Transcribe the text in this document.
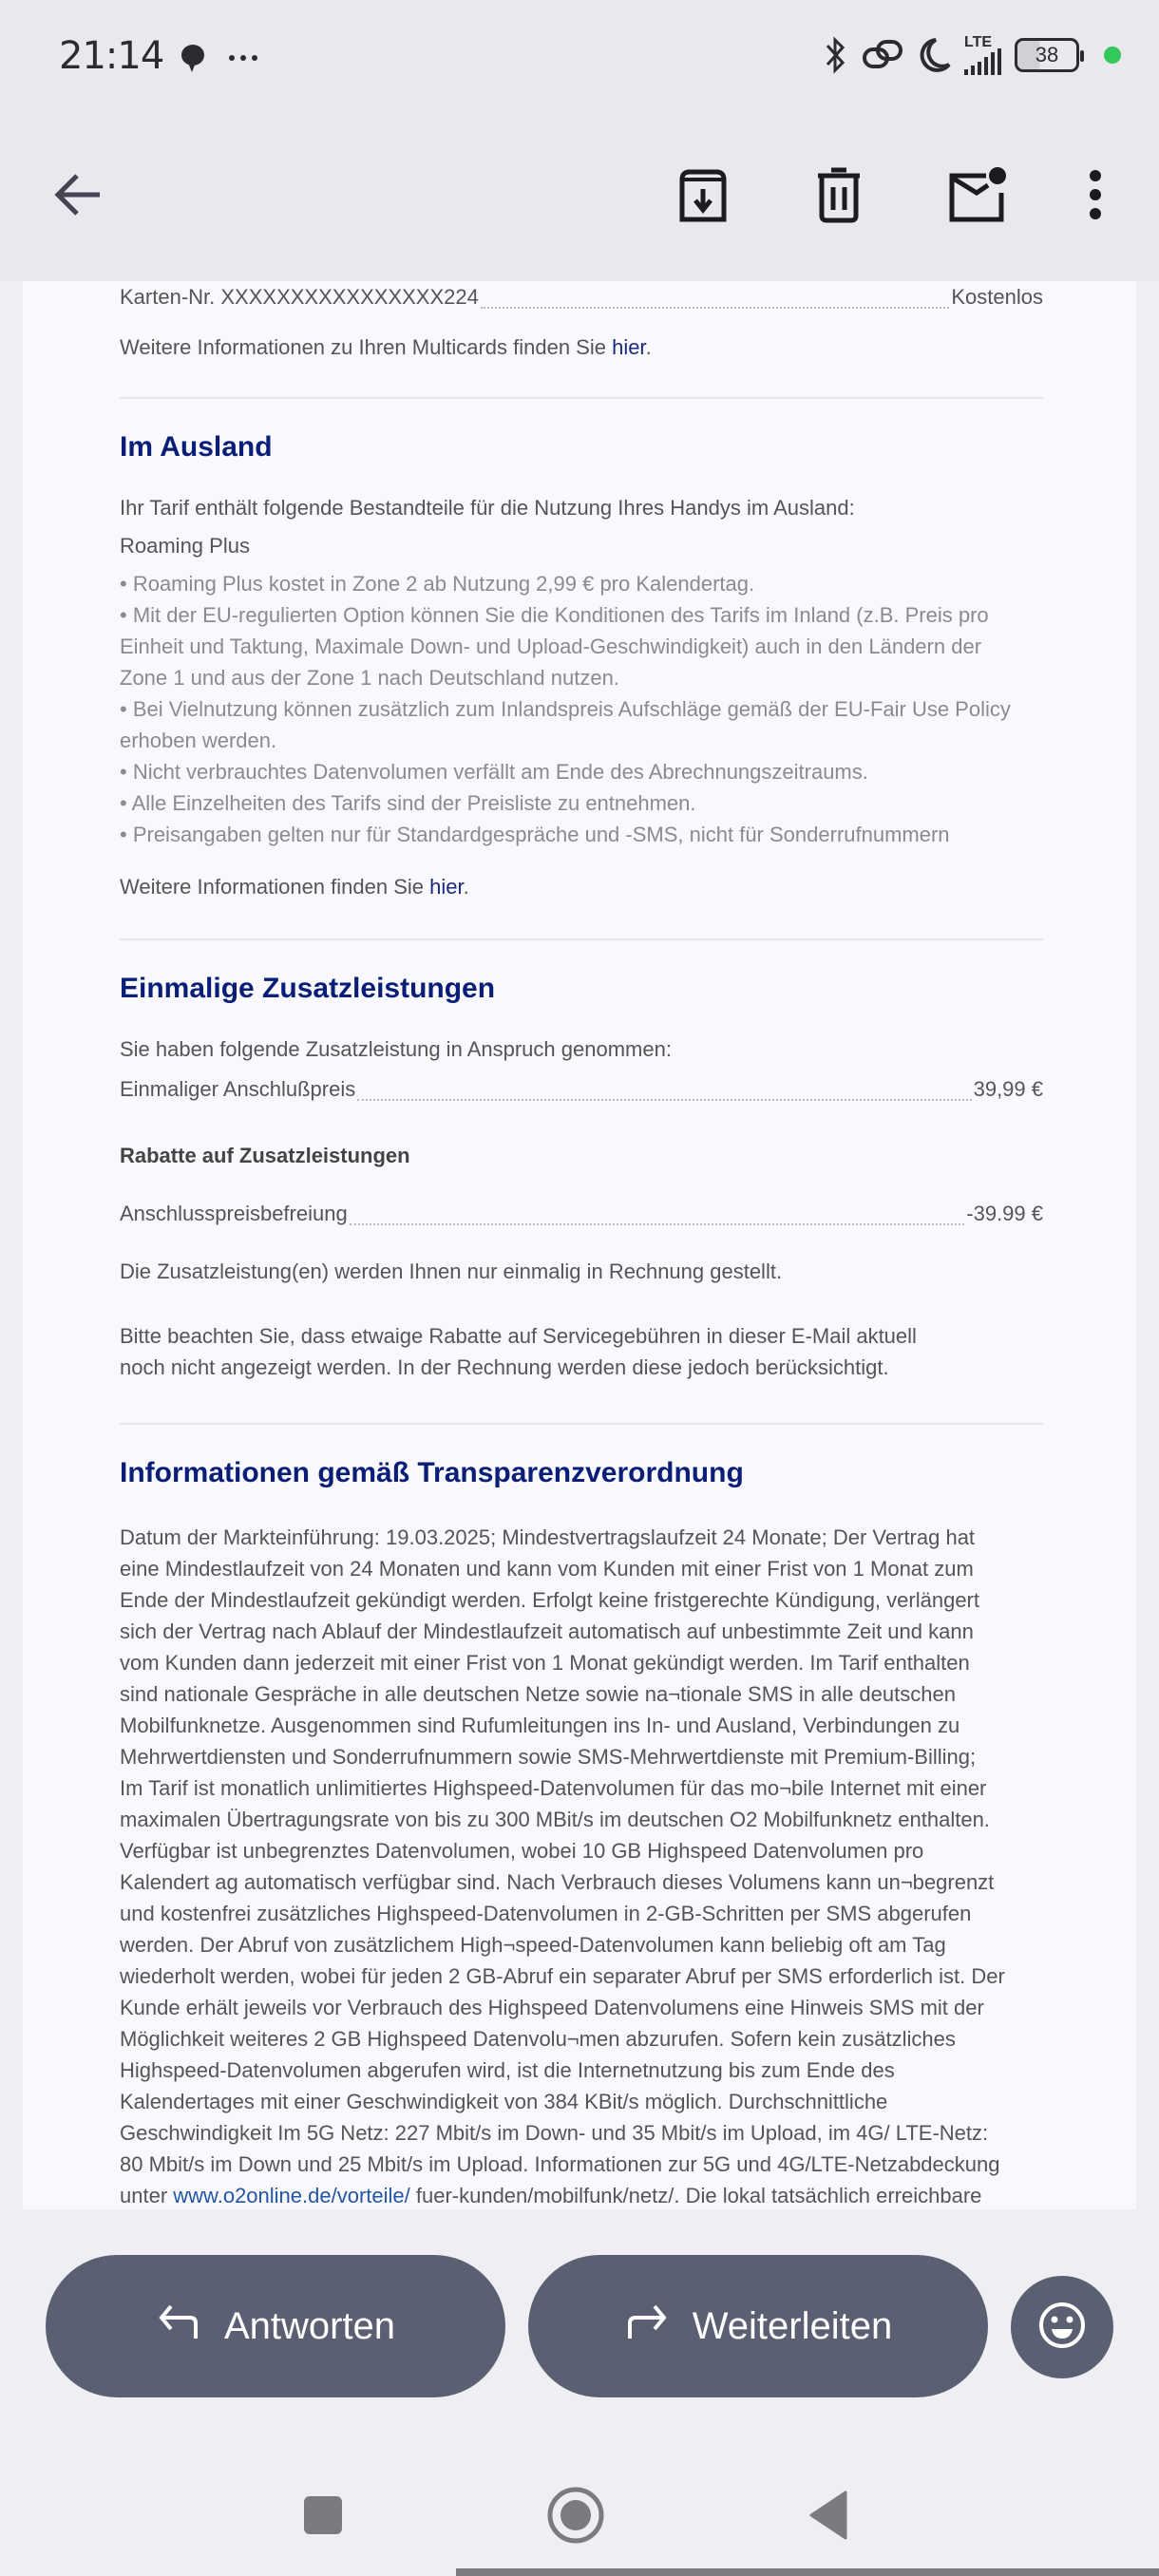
21:14	LTE
38
Karten-Nr. XXXXXXXXXXXXXXXX224	Kostenlos
Weitere Informationen zu Ihren Multicards finden Sie hier.
Im Ausland
Ihr Tarif enthält folgende Bestandteile für die Nutzung Ihres Handys im Ausland:
Roaming Plus
• Roaming Plus kostet in Zone 2 ab Nutzung 2,99 € pro Kalendertag.
• Mit der EU-regulierten Option können Sie die Konditionen des Tarifs im Inland (z.B. Preis pro Einheit und Taktung, Maximale Down- und Upload-Geschwindigkeit) auch in den Ländern der Zone 1 und aus der Zone 1 nach Deutschland nutzen.
• Bei Vielnutzung können zusätzlich zum Inlandspreis Aufschläge gemäß der EU-Fair Use Policy erhoben werden.
• Nicht verbrauchtes Datenvolumen verfällt am Ende des Abrechnungszeitraums.
• Alle Einzelheiten des Tarifs sind der Preisliste zu entnehmen.
• Preisangaben gelten nur für Standardgespräche und -SMS, nicht für Sonderrufnummern
Weitere Informationen finden Sie hier.
Einmalige Zusatzleistungen
Sie haben folgende Zusatzleistung in Anspruch genommen:
Einmaliger Anschlußpreis	39,99 €
Rabatte auf Zusatzleistungen
Anschlusspreisbefreiung	-39.99 €
Die Zusatzleistung(en) werden Ihnen nur einmalig in Rechnung gestellt.
Bitte beachten Sie, dass etwaige Rabatte auf Servicegebühren in dieser E-Mail aktuell noch nicht angezeigt werden. In der Rechnung werden diese jedoch berücksichtigt.
Informationen gemäß Transparenzverordnung
Datum der Markteinführung: 19.03.2025; Mindestvertragslaufzeit 24 Monate; Der Vertrag hat
eine Mindestlaufzeit von 24 Monaten und kann vom Kunden mit einer Frist von 1 Monat zum
Ende der Mindestlaufzeit gekündigt werden. Erfolgt keine fristgerechte Kündigung, verlängert
sich der Vertrag nach Ablauf der Mindestlaufzeit automatisch auf unbestimmte Zeit und kann
vom Kunden dann jederzeit mit einer Frist von 1 Monat gekündigt werden. Im Tarif enthalten
sind nationale Gespräche in alle deutschen Netze sowie na¬tionale SMS in alle deutschen
Mobilfunknetze. Ausgenommen sind Rufumleitungen ins In- und Ausland, Verbindungen zu
Mehrwertdiensten und Sonderrufnummern sowie SMS-Mehrwertdienste mit Premium-Billing;
Im Tarif ist monatlich unlimitiertes Highspeed-Datenvolumen für das mo¬bile Internet mit einer
maximalen Übertragungsrate von bis zu 300 MBit/s im deutschen O2 Mobilfunknetz enthalten.
Verfügbar ist unbegrenztes Datenvolumen, wobei 10 GB Highspeed Datenvolumen pro
Kalendert ag automatisch verfügbar sind. Nach Verbrauch dieses Volumens kann un¬begrenzt
und kostenfrei zusätzliches Highspeed-Datenvolumen in 2-GB-Schritten per SMS abgerufen
werden. Der Abruf von zusätzlichem High¬speed-Datenvolumen kann beliebig oft am Tag
wiederholt werden, wobei für jeden 2 GB-Abruf ein separater Abruf per SMS erforderlich ist. Der
Kunde erhält jeweils vor Verbrauch des Highspeed Datenvolumens eine Hinweis SMS mit der
Möglichkeit weiteres 2 GB Highspeed Datenvolu¬men abzurufen. Sofern kein zusätzliches
Highspeed-Datenvolumen abgerufen wird, ist die Internetnutzung bis zum Ende des
Kalendertages mit einer Geschwindigkeit von 384 KBit/s möglich. Durchschnittliche
Geschwindigkeit Im 5G Netz: 227 Mbit/s im Down- und 35 Mbit/s im Upload, im 4G/ LTE-Netz:
80 Mbit/s im Down und 25 Mbit/s im Upload. Informationen zur 5G und 4G/LTE-Netzabdeckung
unter www.o2online.de/vorteile/ fuer-kunden/mobilfunk/netz/. Die lokal tatsächlich erreichbare
Antworten	Weiterleiten
